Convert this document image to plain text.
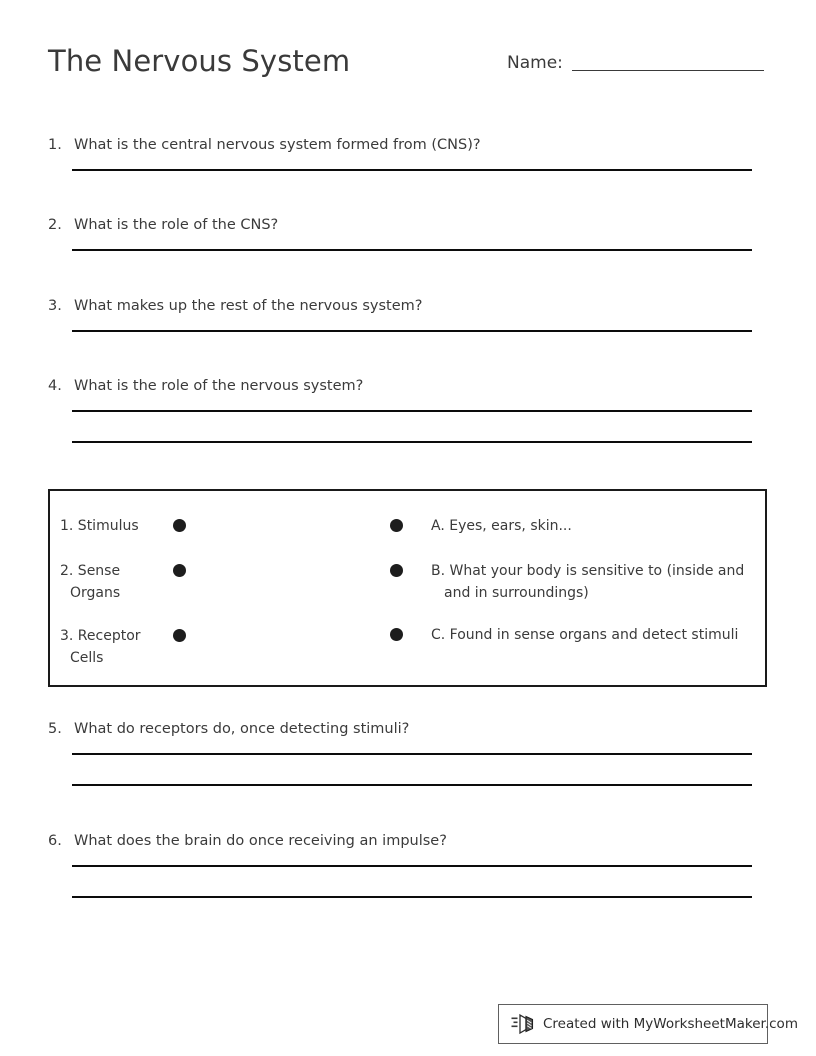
The Nervous System	Name:
1. What is the central nervous system formed from (CNS)?
2. What is the role of the CNS?
3. What makes up the rest of the nervous system?
4. What is the role of the nervous system?
1. Stimulus
2. Sense Organs
3. Receptor Cells
A. Eyes, ears, skin...
B. What your body is sensitive to (inside and and in surroundings)
C. Found in sense organs and detect stimuli
5. What do receptors do, once detecting stimuli?
6. What does the brain do once receiving an impulse?
Created with MyWorksheetMaker.com
